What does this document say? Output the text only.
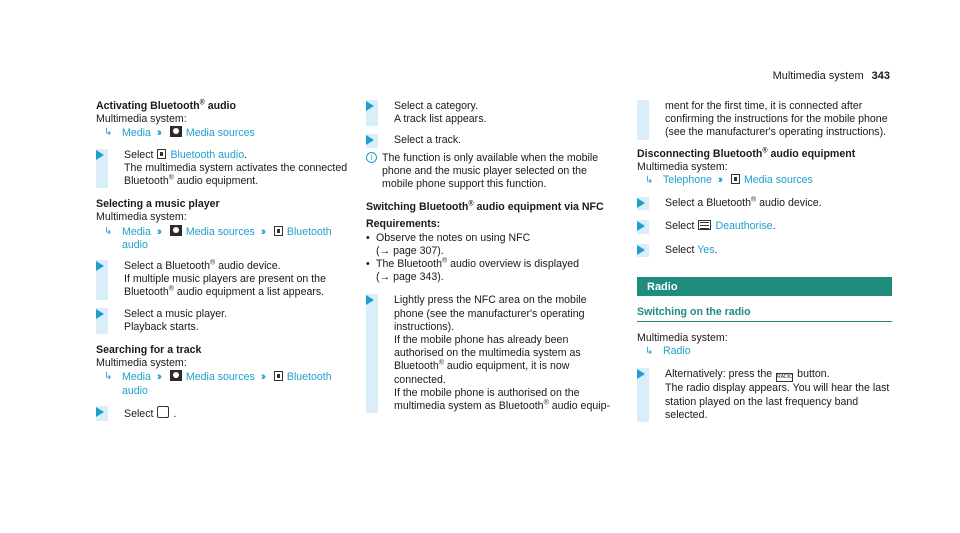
Multimedia system 343
Activating Bluetooth® audio
Multimedia system:
↳ Media ›› Media sources
Select Bluetooth audio.
The multimedia system activates the connected Bluetooth® audio equipment.
Selecting a music player
Multimedia system:
↳ Media ›› Media sources ›› Bluetooth audio
Select a Bluetooth® audio device.
If multiple music players are present on the Bluetooth® audio equipment a list appears.
Select a music player.
Playback starts.
Searching for a track
Multimedia system:
↳ Media ›› Media sources ›› Bluetooth audio
Select .
Select a category.
A track list appears.
Select a track.
i The function is only available when the mobile phone and the music player selected on the mobile phone support this function.
Switching Bluetooth® audio equipment via NFC
Requirements:
• Observe the notes on using NFC
(→ page 307).
• The Bluetooth® audio overview is displayed
(→ page 343).
Lightly press the NFC area on the mobile phone (see the manufacturer's operating instructions).
If the mobile phone has already been authorised on the multimedia system as Bluetooth® audio equipment, it is now connected.
If the mobile phone is authorised on the multimedia system as Bluetooth® audio equip-
ment for the first time, it is connected after confirming the instructions for the mobile phone (see the manufacturer's operating instructions).
Disconnecting Bluetooth® audio equipment
Multimedia system:
↳ Telephone ›› Media sources
Select a Bluetooth® audio device.
Select Deauthorise.
Select Yes.
Radio
Switching on the radio
Multimedia system:
↳ Radio
Alternatively: press the RADIO button.
The radio display appears. You will hear the last station played on the last frequency band selected.
